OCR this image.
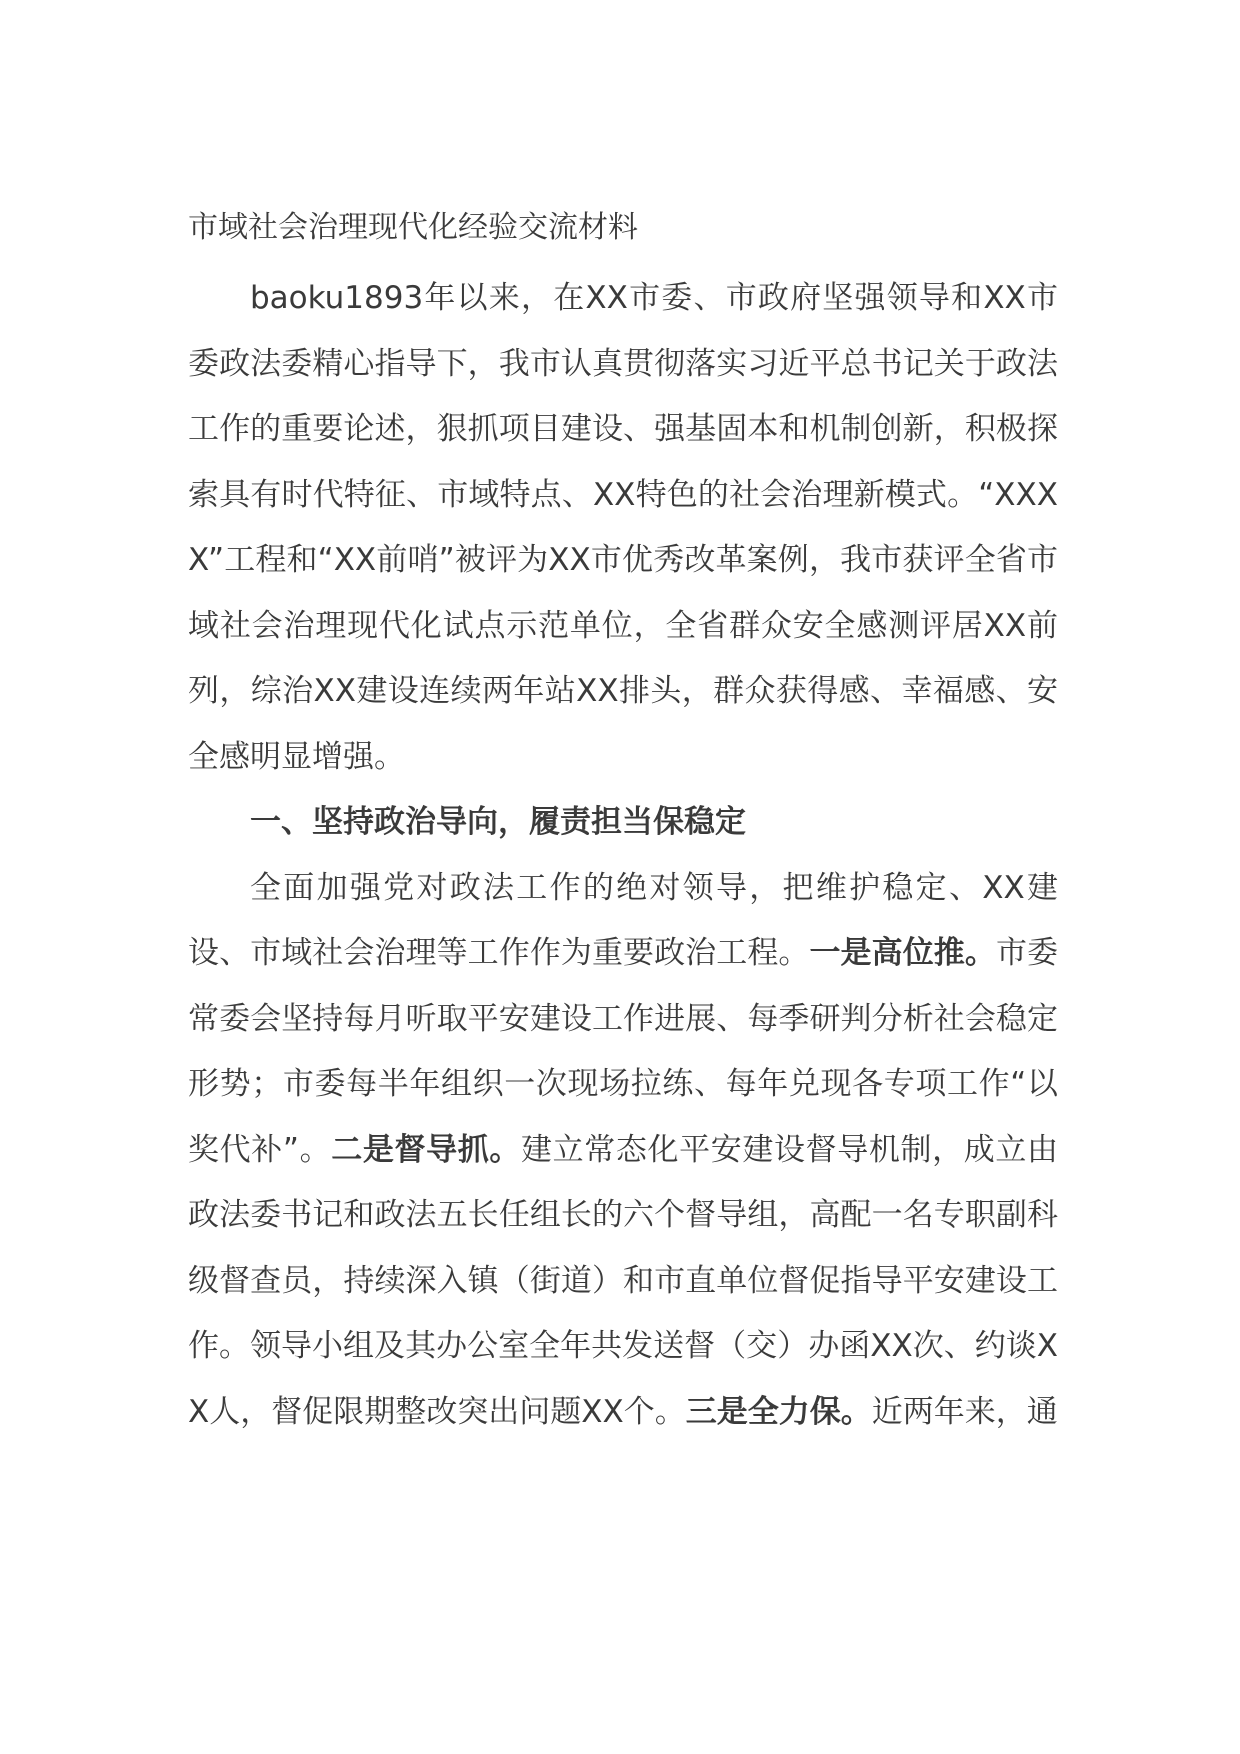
市域社会治理现代化经验交流材料

baoku1893年以来，在XX市委、市政府坚强领导和XX市委政法委精心指导下，我市认真贯彻落实习近平总书记关于政法工作的重要论述，狠抓项目建设、强基固本和机制创新，积极探索具有时代特征、市域特点、XX特色的社会治理新模式。“XXXX”工程和“XX前哨”被评为XX市优秀改革案例，我市获评全省市域社会治理现代化试点示范单位，全省群众安全感测评居XX前列，综治XX建设连续两年站XX排头，群众获得感、幸福感、安全感明显增强。

一、坚持政治导向，履责担当保稳定

全面加强党对政法工作的绝对领导，把维护稳定、XX建设、市域社会治理等工作作为重要政治工程。一是高位推。市委常委会坚持每月听取平安建设工作进展、每季研判分析社会稳定形势；市委每半年组织一次现场拉练、每年兑现各专项工作“以奖代补”。二是督导抓。建立常态化平安建设督导机制，成立由政法委书记和政法五长任组长的六个督导组，高配一名专职副科级督查员，持续深入镇（街道）和市直单位督促指导平安建设工作。领导小组及其办公室全年共发送督（交）办函XX次、约谈XX人，督促限期整改突出问题XX个。三是全力保。近两年来，通
